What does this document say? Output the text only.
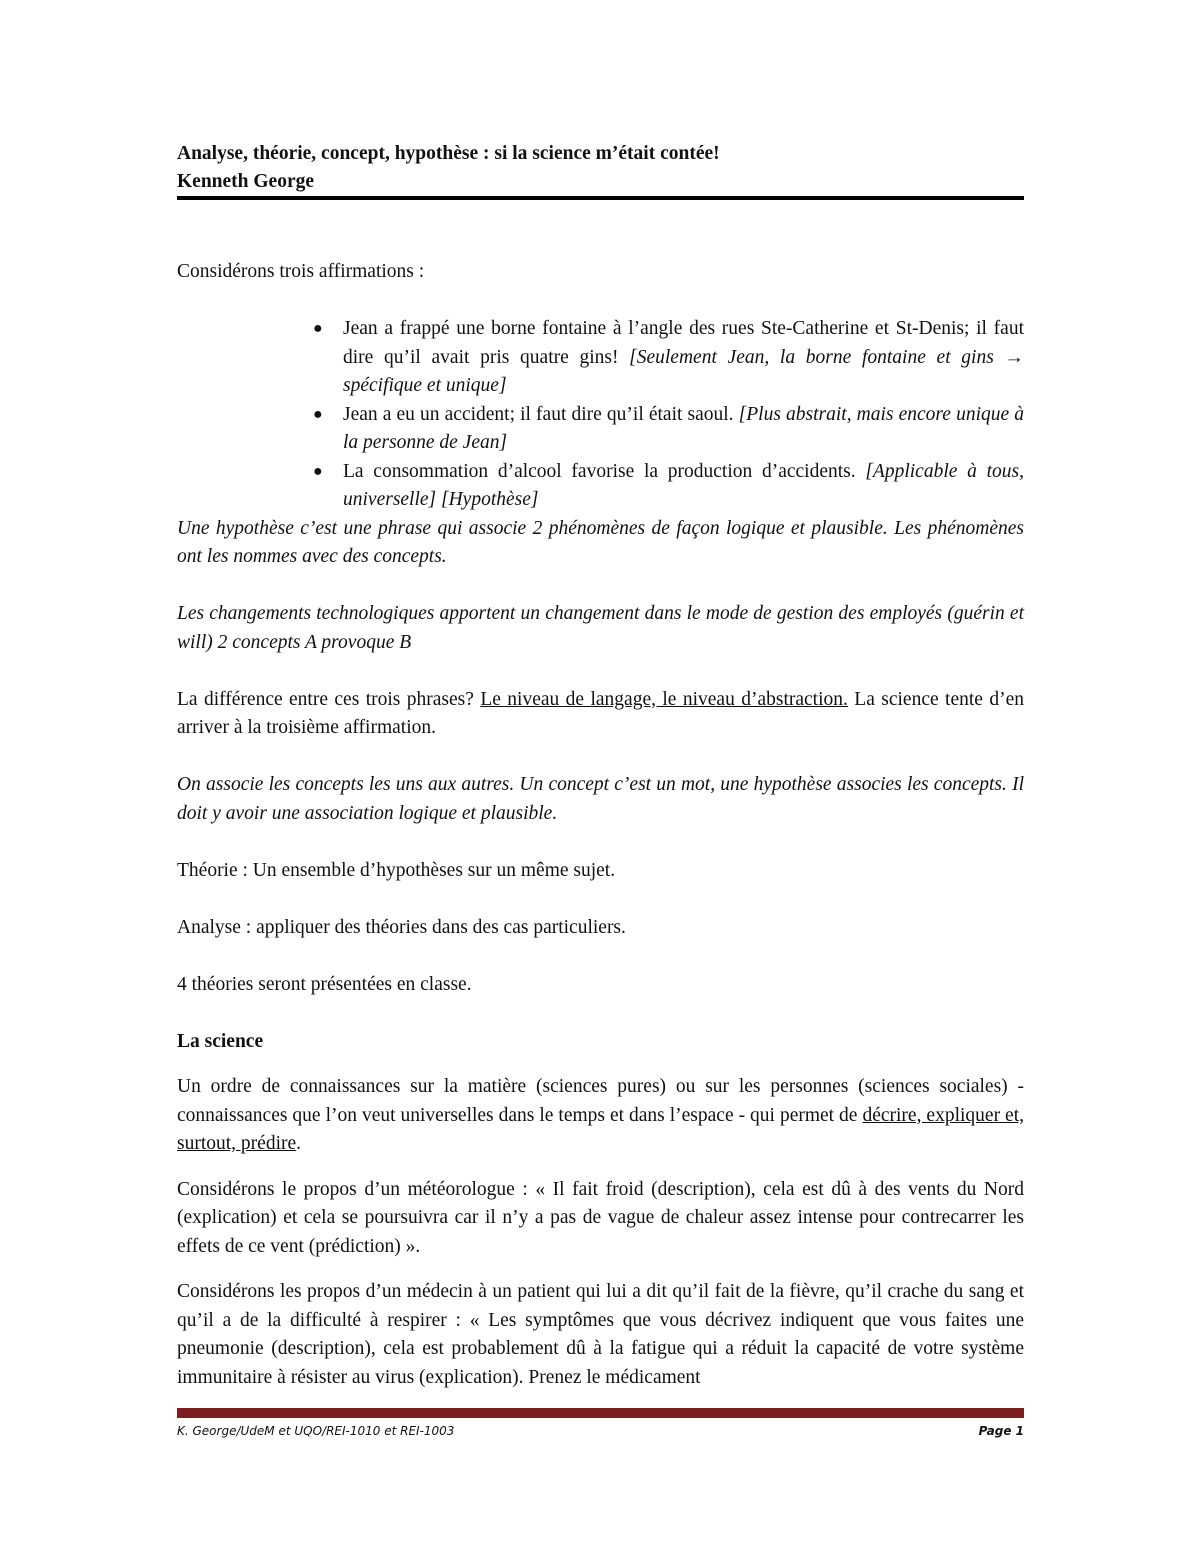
Analyse, théorie, concept, hypothèse : si la science m’était contée!
Kenneth George

Considérons trois affirmations :

● Jean a frappé une borne fontaine à l’angle des rues Ste-Catherine et St-Denis; il faut dire qu’il avait pris quatre gins! [Seulement Jean, la borne fontaine et gins → spécifique et unique]
● Jean a eu un accident; il faut dire qu’il était saoul. [Plus abstrait, mais encore unique à la personne de Jean]
● La consommation d’alcool favorise la production d’accidents. [Applicable à tous, universelle] [Hypothèse]

Une hypothèse c’est une phrase qui associe 2 phénomènes de façon logique et plausible. Les phénomènes ont les nommes avec des concepts.

Les changements technologiques apportent un changement dans le mode de gestion des employés (guérin et will) 2 concepts A provoque B

La différence entre ces trois phrases? Le niveau de langage, le niveau d’abstraction. La science tente d’en arriver à la troisième affirmation.

On associe les concepts les uns aux autres. Un concept c’est un mot, une hypothèse associes les concepts. Il doit y avoir une association logique et plausible.

Théorie : Un ensemble d’hypothèses sur un même sujet.

Analyse : appliquer des théories dans des cas particuliers.

4 théories seront présentées en classe.

La science

Un ordre de connaissances sur la matière (sciences pures) ou sur les personnes (sciences sociales) - connaissances que l’on veut universelles dans le temps et dans l’espace - qui permet de décrire, expliquer et, surtout, prédire.

Considérons le propos d’un météorologue : « Il fait froid (description), cela est dû à des vents du Nord (explication) et cela se poursuivra car il n’y a pas de vague de chaleur assez intense pour contrecarrer les effets de ce vent (prédiction) ».

Considérons les propos d’un médecin à un patient qui lui a dit qu’il fait de la fièvre, qu’il crache du sang et qu’il a de la difficulté à respirer : « Les symptômes que vous décrivez indiquent que vous faites une pneumonie (description), cela est probablement dû à la fatigue qui a réduit la capacité de votre système immunitaire à résister au virus (explication). Prenez le médicament

K. George/UdeM et UQO/REI-1010 et REI-1003	Page 1
